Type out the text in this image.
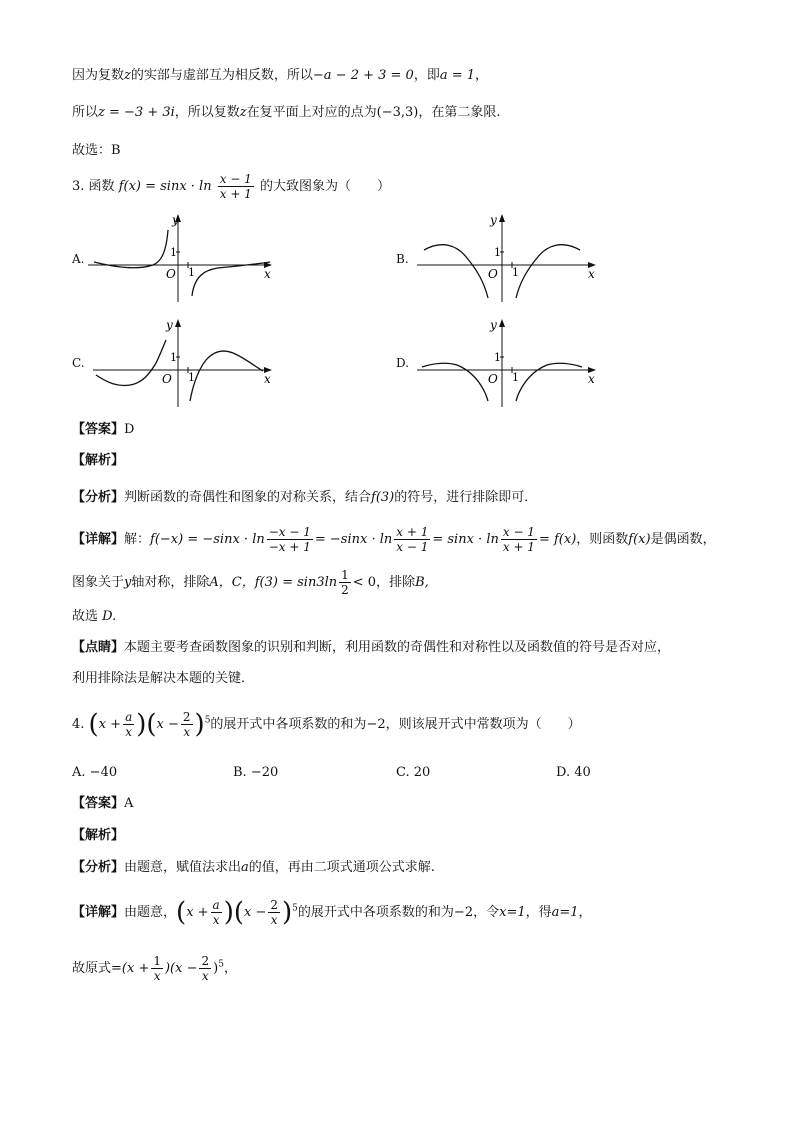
因为复数z的实部与虚部互为相反数，所以−a − 2 + 3 = 0，即a = 1，
所以z = −3 + 3i，所以复数z在复平面上对应的点为(−3,3)，在第二象限.
故选：B
3. 函数 $f(x) = \sin x \cdot \ln \frac{x - 1}{x + 1}$ 的大致图象为（　　）
A.	B.
C.	D.
y
x
O
1
1
y
x
O
1
1
y
x
O
1
1
y
x
O
1
1
【答案】D
【解析】
【分析】判断函数的奇偶性和图象的对称关系，结合f(3)的符号，进行排除即可．
【详解】解：$f(-x) = -\sin x \cdot \ln \frac{-x - 1}{-x + 1} = -\sin x \cdot \ln \frac{x + 1}{x - 1} = \sin x \cdot \ln \frac{x - 1}{x + 1} = f(x)$，则函数f(x)是偶函数，
图象关于y轴对称，排除A，C，$f(3) = \sin 3\ln \frac{1}{2} < 0$，排除B,
故选 D.
【点睛】本题主要考查函数图象的识别和判断，利用函数的奇偶性和对称性以及函数值的符号是否对应，
利用排除法是解决本题的关键．
4. $(x + \frac{a}{x} )(x - \frac{2}{x} )^5$的展开式中各项系数的和为−2，则该展开式中常数项为（　　）
A. −40	B. −20	C. 20	D. 40
【答案】A
【解析】
【分析】由题意，赋值法求出a的值，再由二项式通项公式求解.
【详解】由题意，$(x + \frac{a}{x} )(x - \frac{2}{x} )^5$的展开式中各项系数的和为−2，令x=1，得a=1，
故原式$=(x + \frac{1}{x} )(x - \frac{2}{x} )^5$，
